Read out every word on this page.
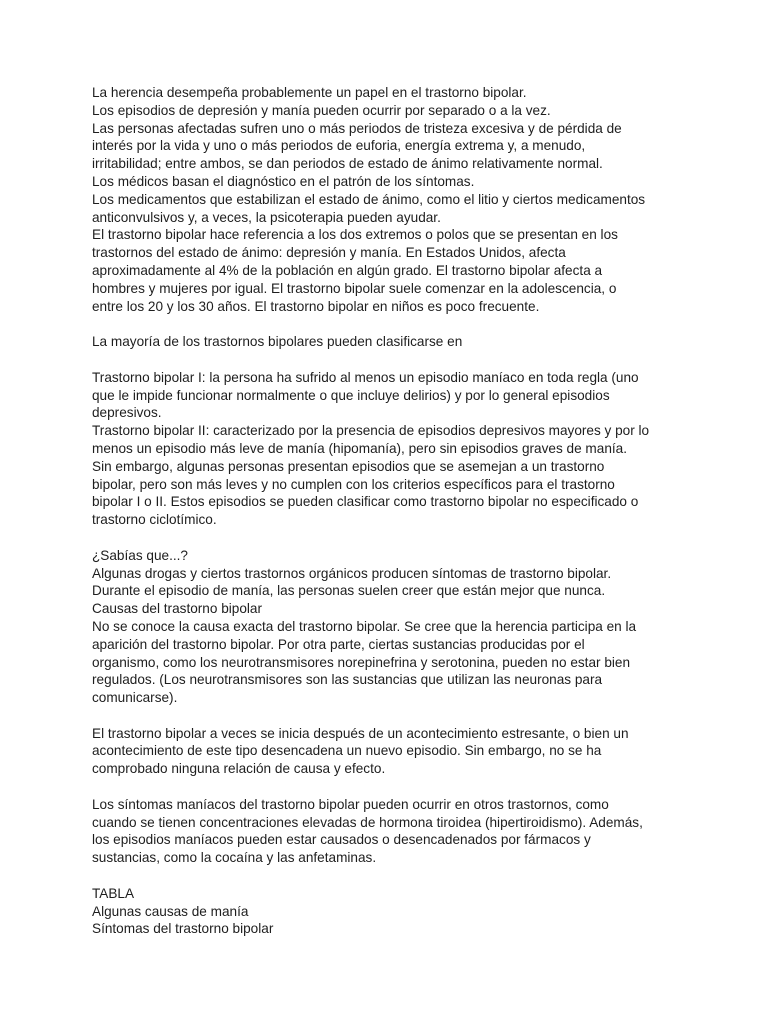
La herencia desempeña probablemente un papel en el trastorno bipolar.

Los episodios de depresión y manía pueden ocurrir por separado o a la vez.

Las personas afectadas sufren uno o más periodos de tristeza excesiva y de pérdida de

interés por la vida y uno o más periodos de euforia, energía extrema y, a menudo,

irritabilidad; entre ambos, se dan periodos de estado de ánimo relativamente normal.

Los médicos basan el diagnóstico en el patrón de los síntomas.

Los medicamentos que estabilizan el estado de ánimo, como el litio y ciertos medicamentos

anticonvulsivos y, a veces, la psicoterapia pueden ayudar.

El trastorno bipolar hace referencia a los dos extremos o polos que se presentan en los

trastornos del estado de ánimo: depresión y manía. En Estados Unidos, afecta

aproximadamente al 4% de la población en algún grado. El trastorno bipolar afecta a

hombres y mujeres por igual. El trastorno bipolar suele comenzar en la adolescencia, o

entre los 20 y los 30 años. El trastorno bipolar en niños es poco frecuente.

La mayoría de los trastornos bipolares pueden clasificarse en

Trastorno bipolar I: la persona ha sufrido al menos un episodio maníaco en toda regla (uno

que le impide funcionar normalmente o que incluye delirios) y por lo general episodios

depresivos.

Trastorno bipolar II: caracterizado por la presencia de episodios depresivos mayores y por lo

menos un episodio más leve de manía (hipomanía), pero sin episodios graves de manía.

Sin embargo, algunas personas presentan episodios que se asemejan a un trastorno

bipolar, pero son más leves y no cumplen con los criterios específicos para el trastorno

bipolar I o II. Estos episodios se pueden clasificar como trastorno bipolar no especificado o

trastorno ciclotímico.

¿Sabías que...?

Algunas drogas y ciertos trastornos orgánicos producen síntomas de trastorno bipolar.

Durante el episodio de manía, las personas suelen creer que están mejor que nunca.

Causas del trastorno bipolar

No se conoce la causa exacta del trastorno bipolar. Se cree que la herencia participa en la

aparición del trastorno bipolar. Por otra parte, ciertas sustancias producidas por el

organismo, como los neurotransmisores norepinefrina y serotonina, pueden no estar bien

regulados. (Los neurotransmisores son las sustancias que utilizan las neuronas para

comunicarse).

El trastorno bipolar a veces se inicia después de un acontecimiento estresante, o bien un

acontecimiento de este tipo desencadena un nuevo episodio. Sin embargo, no se ha

comprobado ninguna relación de causa y efecto.

Los síntomas maníacos del trastorno bipolar pueden ocurrir en otros trastornos, como

cuando se tienen concentraciones elevadas de hormona tiroidea (hipertiroidismo). Además,

los episodios maníacos pueden estar causados o desencadenados por fármacos y

sustancias, como la cocaína y las anfetaminas.

TABLA

Algunas causas de manía

Síntomas del trastorno bipolar
